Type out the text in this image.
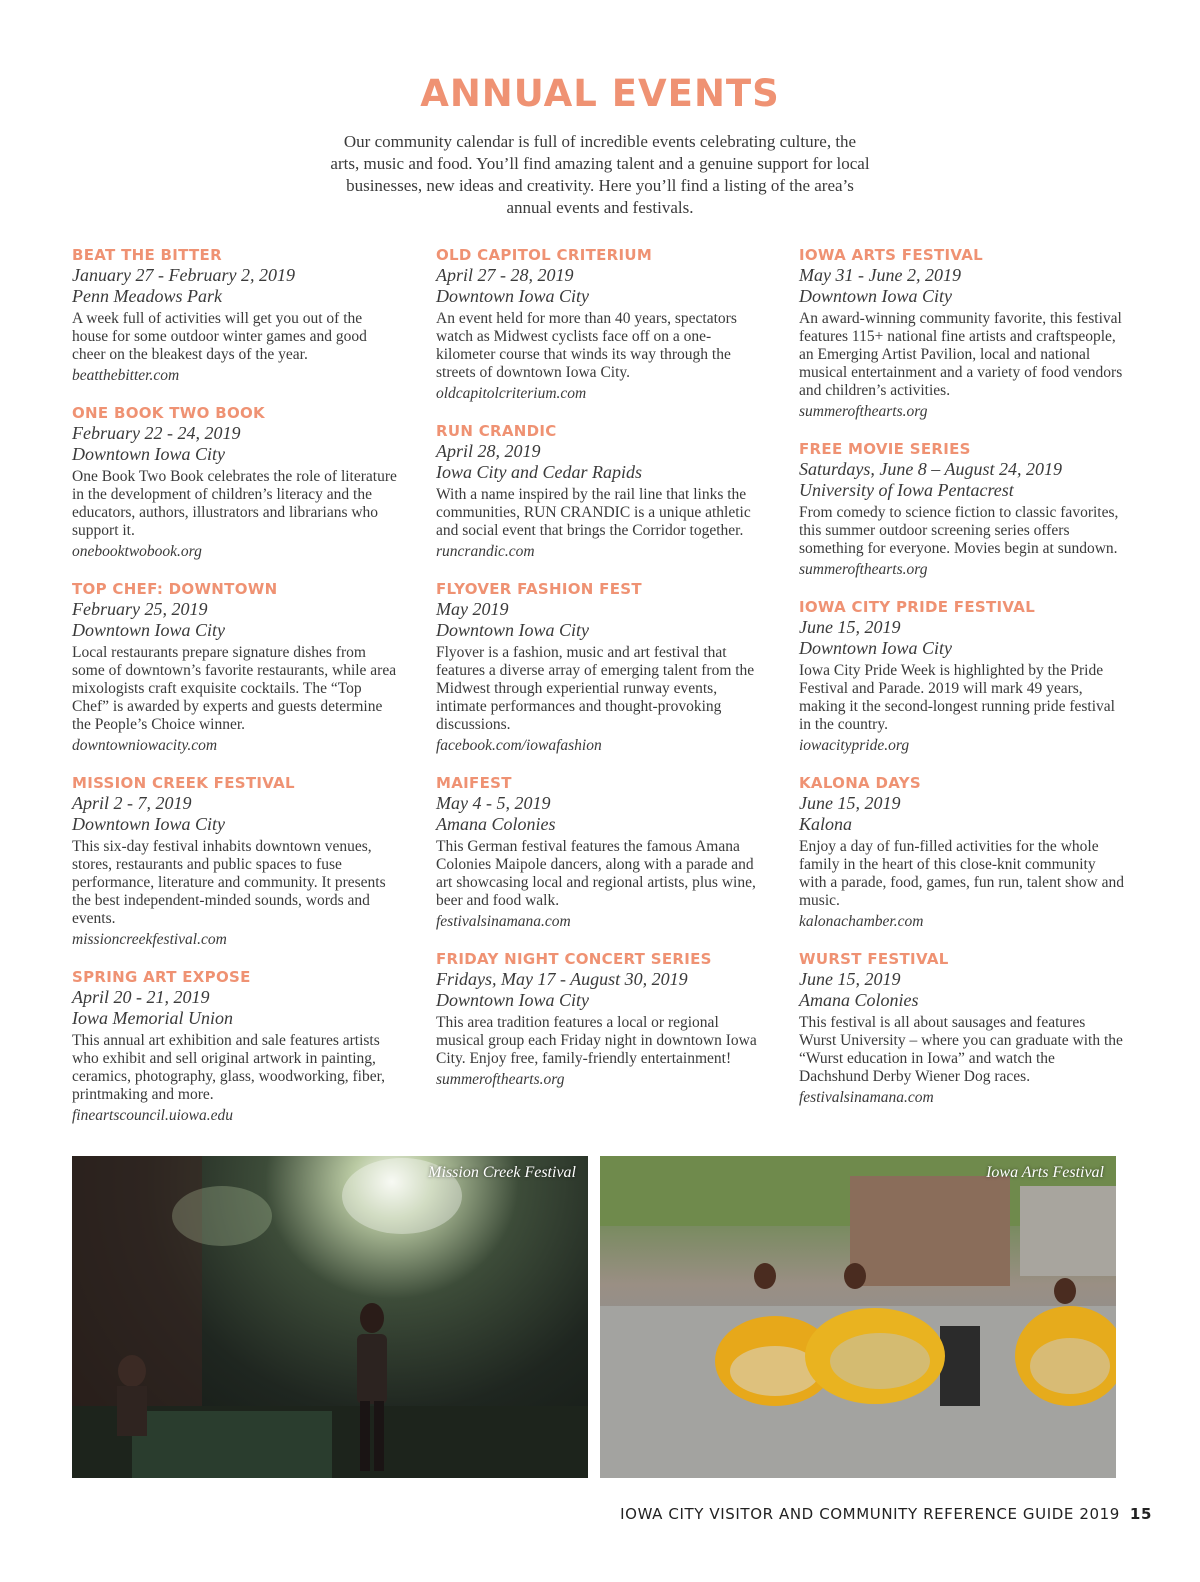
ANNUAL EVENTS

Our community calendar is full of incredible events celebrating culture, the arts, music and food. You’ll find amazing talent and a genuine support for local businesses, new ideas and creativity. Here you’ll find a listing of the area’s annual events and festivals.

BEAT THE BITTER
January 27 - February 2, 2019
Penn Meadows Park
A week full of activities will get you out of the house for some outdoor winter games and good cheer on the bleakest days of the year.
beatthebitter.com
ONE BOOK TWO BOOK
February 22 - 24, 2019
Downtown Iowa City
One Book Two Book celebrates the role of literature in the development of children’s literacy and the educators, authors, illustrators and librarians who support it.
onebooktwobook.org
TOP CHEF: DOWNTOWN
February 25, 2019
Downtown Iowa City
Local restaurants prepare signature dishes from some of downtown’s favorite restaurants, while area mixologists craft exquisite cocktails. The “Top Chef” is awarded by experts and guests determine the People’s Choice winner.
downtowniowacity.com
MISSION CREEK FESTIVAL
April 2 - 7, 2019
Downtown Iowa City
This six-day festival inhabits downtown venues, stores, restaurants and public spaces to fuse performance, literature and community. It presents the best independent-minded sounds, words and events.
missioncreekfestival.com
SPRING ART EXPOSE
April 20 - 21, 2019
Iowa Memorial Union
This annual art exhibition and sale features artists who exhibit and sell original artwork in painting, ceramics, photography, glass, woodworking, fiber, printmaking and more.
fineartscouncil.uiowa.edu
OLD CAPITOL CRITERIUM
April 27 - 28, 2019
Downtown Iowa City
An event held for more than 40 years, spectators watch as Midwest cyclists face off on a one-kilometer course that winds its way through the streets of downtown Iowa City.
oldcapitolcriterium.com
RUN CRANDIC
April 28, 2019
Iowa City and Cedar Rapids
With a name inspired by the rail line that links the communities, RUN CRANDIC is a unique athletic and social event that brings the Corridor together.
runcrandic.com
FLYOVER FASHION FEST
May 2019
Downtown Iowa City
Flyover is a fashion, music and art festival that features a diverse array of emerging talent from the Midwest through experiential runway events, intimate performances and thought-provoking discussions.
facebook.com/iowafashion
MAIFEST
May 4 - 5, 2019
Amana Colonies
This German festival features the famous Amana Colonies Maipole dancers, along with a parade and art showcasing local and regional artists, plus wine, beer and food walk.
festivalsinamana.com
FRIDAY NIGHT CONCERT SERIES
Fridays, May 17 - August 30, 2019
Downtown Iowa City
This area tradition features a local or regional musical group each Friday night in downtown Iowa City. Enjoy free, family-friendly entertainment!
summerofthearts.org
IOWA ARTS FESTIVAL
May 31 - June 2, 2019
Downtown Iowa City
An award-winning community favorite, this festival features 115+ national fine artists and craftspeople, an Emerging Artist Pavilion, local and national musical entertainment and a variety of food vendors and children’s activities.
summerofthearts.org
FREE MOVIE SERIES
Saturdays, June 8 – August 24, 2019
University of Iowa Pentacrest
From comedy to science fiction to classic favorites, this summer outdoor screening series offers something for everyone. Movies begin at sundown.
summerofthearts.org
IOWA CITY PRIDE FESTIVAL
June 15, 2019
Downtown Iowa City
Iowa City Pride Week is highlighted by the Pride Festival and Parade. 2019 will mark 49 years, making it the second-longest running pride festival in the country.
iowacitypride.org
KALONA DAYS
June 15, 2019
Kalona
Enjoy a day of fun-filled activities for the whole family in the heart of this close-knit community with a parade, food, games, fun run, talent show and music.
kalonachamber.com
WURST FESTIVAL
June 15, 2019
Amana Colonies
This festival is all about sausages and features Wurst University – where you can graduate with the “Wurst education in Iowa” and watch the Dachshund Derby Wiener Dog races.
festivalsinamana.com
Mission Creek Festival	Iowa Arts Festival
IOWA CITY VISITOR AND COMMUNITY REFERENCE GUIDE 2019 15
